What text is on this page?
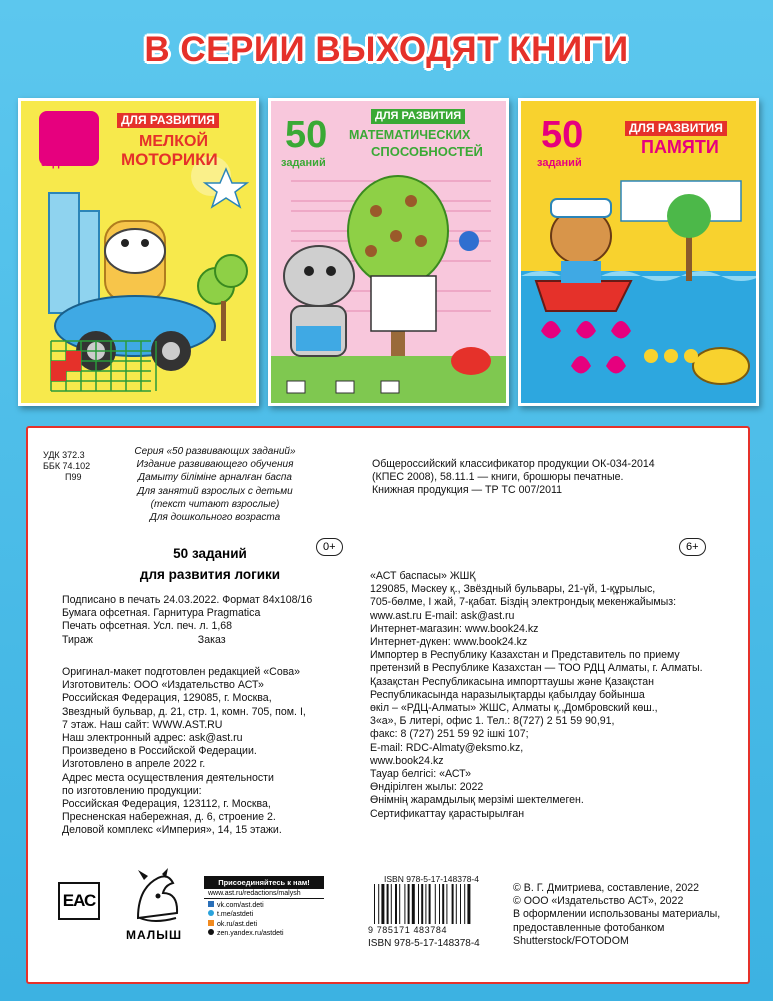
В СЕРИИ ВЫХОДЯТ КНИГИ
50
заданий
ДЛЯ РАЗВИТИЯ
МЕЛКОЙ
МОТОРИКИ
50
заданий
ДЛЯ РАЗВИТИЯ
МАТЕМАТИЧЕСКИХ
СПОСОБНОСТЕЙ 50
заданий
ДЛЯ РАЗВИТИЯ
ПАМЯТИ
УДК 372.3
ББК 74.102
П99
Серия «50 развивающих заданий»
Издание развивающего обучения
Дамыту біліміне арналған баспа
Для занятий взрослых с детьми
(текст читают взрослые)
Для дошкольного возраста
Общероссийский классификатор продукции ОК-034-2014
(КПЕС 2008), 58.11.1 — книги, брошюры печатные.
Книжная продукция — ТР ТС 007/2011
0+	6+
50 заданий
для развития логики
Подписано в печать 24.03.2022. Формат 84x108/16
Бумага офсетная. Гарнитура Pragmatica
Печать офсетная. Усл. печ. л. 1,68
Тираж	Заказ
Оригинал-макет подготовлен редакцией «Сова»
Изготовитель: ООО «Издательство АСТ»
Российская Федерация, 129085, г. Москва,
Звездный бульвар, д. 21, стр. 1, комн. 705, пом. I,
7 этаж. Наш сайт: WWW.AST.RU
Наш электронный адрес: ask@ast.ru
Произведено в Российской Федерации.
Изготовлено в апреле 2022 г.
Адрес места осуществления деятельности
по изготовлению продукции:
Российская Федерация, 123112, г. Москва,
Пресненская набережная, д. 6, строение 2.
Деловой комплекс «Империя», 14, 15 этажи.
«АСТ баспасы» ЖШҚ
129085, Мәскеу қ., Звёздный бульвары, 21-үй, 1-құрылыс,
705-бөлме, І жай, 7-қабат. Біздің электрондық мекенжайымыз:
www.ast.ru E-mail: ask@ast.ru
Интернет-магазин: www.book24.kz
Интернет-дүкен: www.book24.kz
Импортер в Республику Казахстан и Представитель по приему
претензий в Республике Казахстан — ТОО РДЦ Алматы, г. Алматы.
Қазақстан Республикасына импорттаушы және Қазақстан
Республикасында наразылықтарды қабылдау бойынша
өкіл – «РДЦ-Алматы» ЖШС, Алматы қ.,Домбровский көш.,
3«а», Б литері, офис 1. Тел.: 8(727) 2 51 59 90,91,
факс: 8 (727) 251 59 92 ішкі 107;
E-mail: RDC-Almaty@eksmo.kz,
www.book24.kz
Тауар белгісі: «АСТ»
Өндірілген жылы: 2022
Өнімнің жарамдылық мерзімі шектелмеген.
Сертификаттау қарастырылған
ЕАС
МАЛЫШ
Присоединяйтесь к нам!
www.ast.ru/redactions/malysh
vk.com/ast.deti
t.me/astdeti
ok.ru/ast.deti
zen.yandex.ru/astdeti
ISBN 978-5-17-148378-4
9 785171 483784
ISBN 978-5-17-148378-4
© В. Г. Дмитриева, составление, 2022
© ООО «Издательство АСТ», 2022
В оформлении использованы материалы,
предоставленные фотобанком
Shutterstock/FOTODOM
